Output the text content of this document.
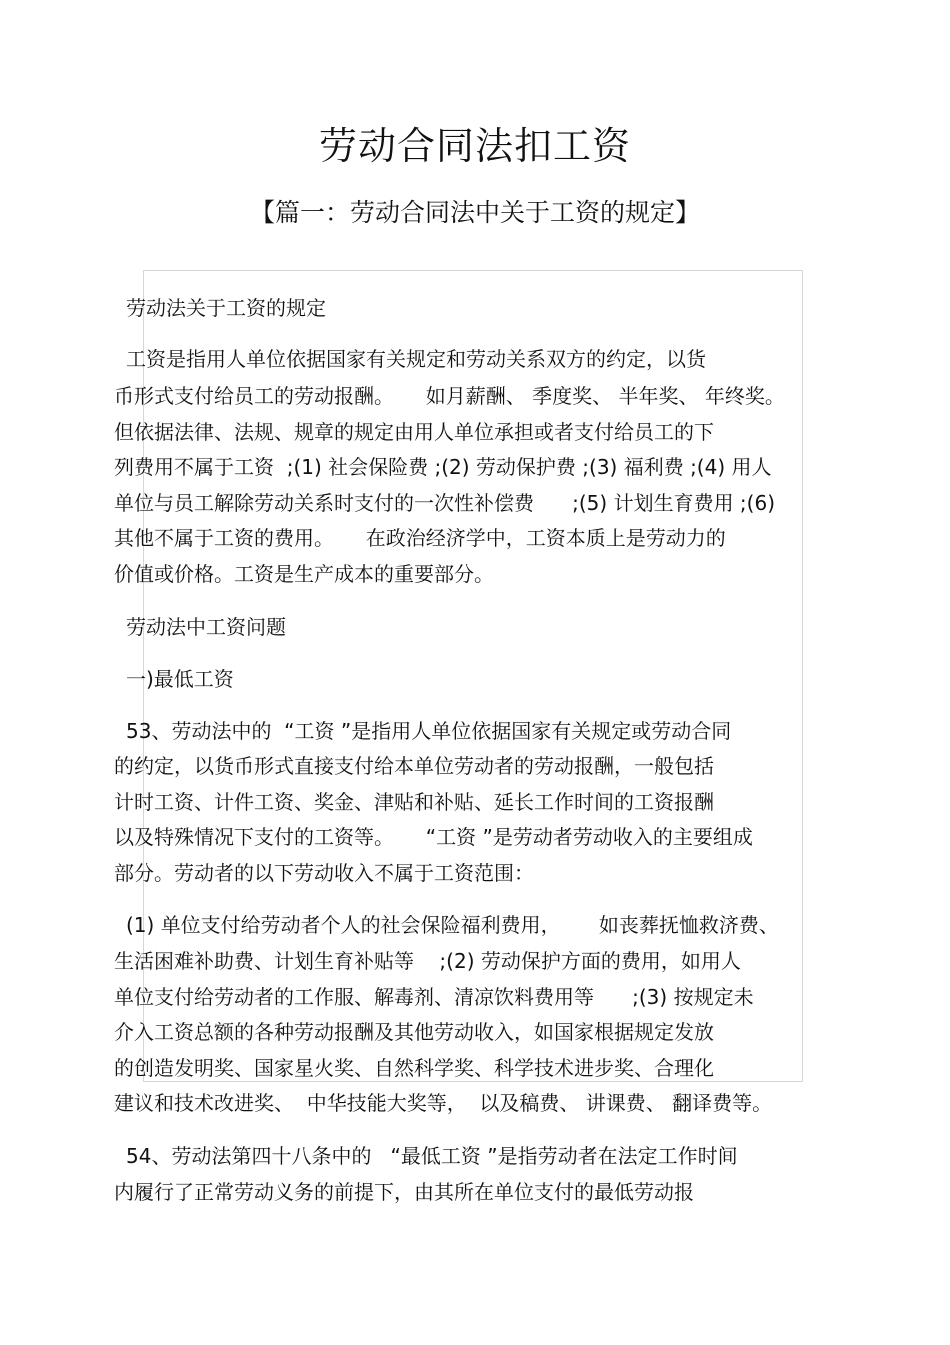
劳动合同法扣工资
【篇一：劳动合同法中关于工资的规定】
劳动法关于工资的规定
工资是指用人单位依据国家有关规定和劳动关系双方的约定，以货
币形式支付给员工的劳动报酬。     如月薪酬、 季度奖、 半年奖、 年终奖。
但依据法律、法规、规章的规定由用人单位承担或者支付给员工的下
列费用不属于工资  ;(1) 社会保险费 ;(2) 劳动保护费 ;(3) 福利费 ;(4) 用人
单位与员工解除劳动关系时支付的一次性补偿费      ;(5) 计划生育费用 ;(6)
其他不属于工资的费用。     在政治经济学中，工资本质上是劳动力的
价值或价格。工资是生产成本的重要部分。
劳动法中工资问题
一)最低工资
53、劳动法中的  “工资 ”是指用人单位依据国家有关规定或劳动合同
的约定，以货币形式直接支付给本单位劳动者的劳动报酬，一般包括
计时工资、计件工资、奖金、津贴和补贴、延长工作时间的工资报酬
以及特殊情况下支付的工资等。     “工资 ”是劳动者劳动收入的主要组成
部分。劳动者的以下劳动收入不属于工资范围：
(1) 单位支付给劳动者个人的社会保险福利费用，      如丧葬抚恤救济费、
生活困难补助费、计划生育补贴等    ;(2) 劳动保护方面的费用，如用人
单位支付给劳动者的工作服、解毒剂、清凉饮料费用等      ;(3) 按规定未
介入工资总额的各种劳动报酬及其他劳动收入，如国家根据规定发放
的创造发明奖、国家星火奖、自然科学奖、科学技术进步奖、合理化
建议和技术改进奖、  中华技能大奖等，  以及稿费、 讲课费、 翻译费等。
54、劳动法第四十八条中的   “最低工资 ”是指劳动者在法定工作时间
内履行了正常劳动义务的前提下，由其所在单位支付的最低劳动报
